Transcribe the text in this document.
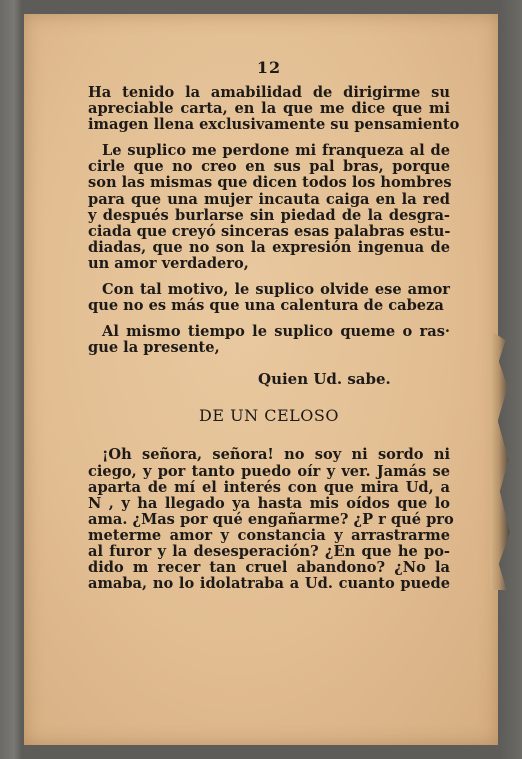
12

Ha tenido la amabilidad de dirigirme su
apreciable carta, en la que me dice que mi
imagen llena exclusivamente su pensamiento

Le suplico me perdone mi franqueza al de
cirle que no creo en sus pal bras, porque
son las mismas que dicen todos los hombres
para que una mujer incauta caiga en la red
y después burlarse sin piedad de la desgra-
ciada que creyó sinceras esas palabras estu-
diadas, que no son la expresión ingenua de
un amor verdadero,

Con tal motivo, le suplico olvide ese amor
que no es más que una calentura de cabeza

Al mismo tiempo le suplico queme o ras·
gue la presente,

Quien Ud. sabe.
DE UN CELOSO

¡Oh señora, señora! no soy ni sordo ni
ciego, y por tanto puedo oír y ver. Jamás se
aparta de mí el interés con que mira Ud, a
N , y ha llegado ya hasta mis oídos que lo
ama. ¿Mas por qué engañarme? ¿P r qué pro
meterme amor y constancia y arrastrarme
al furor y la desesperación? ¿En que he po-
dido m recer tan cruel abandono? ¿No la
amaba, no lo idolatraba a Ud. cuanto puede
